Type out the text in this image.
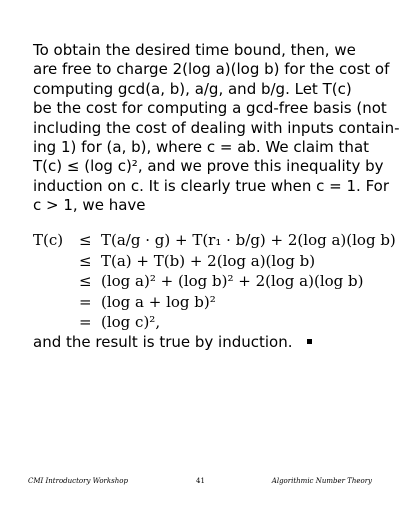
To obtain the desired time bound, then, we
are free to charge 2(log a)(log b) for the cost of
computing gcd(a, b), a/g, and b/g. Let T(c)
be the cost for computing a gcd-free basis (not
including the cost of dealing with inputs contain-
ing 1) for (a, b), where c = ab. We claim that
T(c) ≤ (log c)², and we prove this inequality by
induction on c. It is clearly true when c = 1. For
c > 1, we have
T(c) ≤ T(a/g · g) + T(r₁ · b/g) + 2(log a)(log b)
≤ T(a) + T(b) + 2(log a)(log b)
≤ (log a)² + (log b)² + 2(log a)(log b)
= (log a + log b)²
= (log c)²,
and the result is true by induction.
CMI Introductory Workshop	41	Algorithmic Number Theory
